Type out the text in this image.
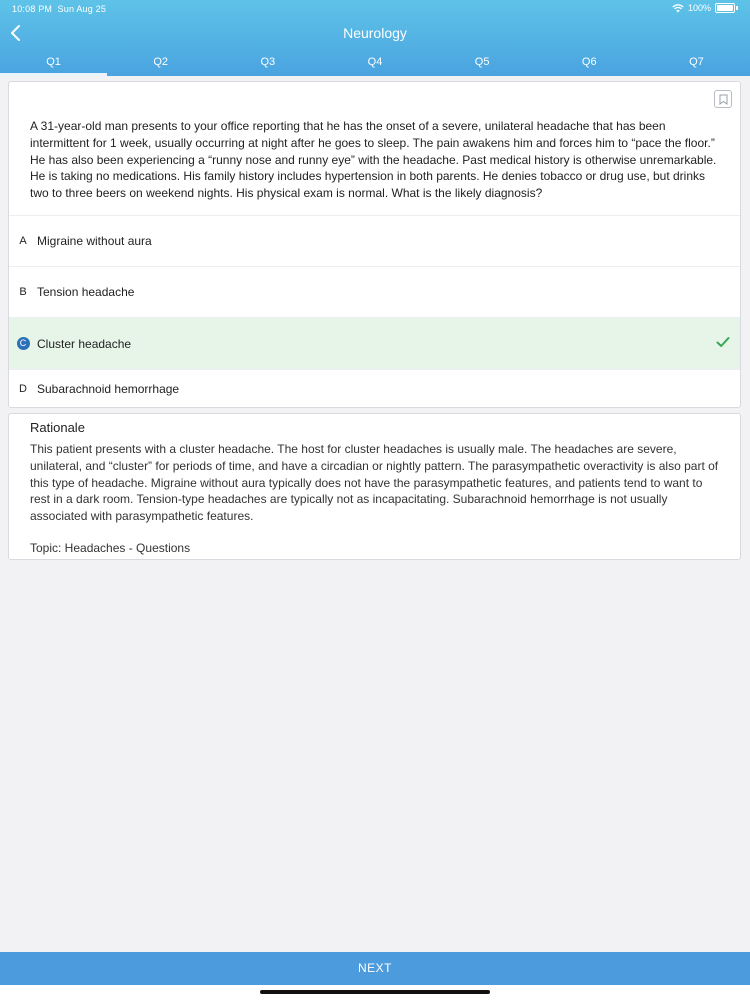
10:08 PM Sun Aug 25	100%
Neurology
Q1	Q2	Q3	Q4	Q5	Q6	Q7
A 31-year-old man presents to your office reporting that he has the onset of a severe, unilateral headache that has been intermittent for 1 week, usually occurring at night after he goes to sleep. The pain awakens him and forces him to “pace the floor.” He has also been experiencing a “runny nose and runny eye” with the headache. Past medical history is otherwise unremarkable. He is taking no medications. His family history includes hypertension in both parents. He denies tobacco or drug use, but drinks two to three beers on weekend nights. His physical exam is normal. What is the likely diagnosis?
A Migraine without aura
B Tension headache
C Cluster headache
D Subarachnoid hemorrhage
Rationale
This patient presents with a cluster headache. The host for cluster headaches is usually male. The headaches are severe, unilateral, and “cluster” for periods of time, and have a circadian or nightly pattern. The parasympathetic overactivity is also part of this type of headache. Migraine without aura typically does not have the parasympathetic features, and patients tend to want to rest in a dark room. Tension-type headaches are typically not as incapacitating. Subarachnoid hemorrhage is not usually associated with parasympathetic features.
Topic: Headaches - Questions
NEXT
